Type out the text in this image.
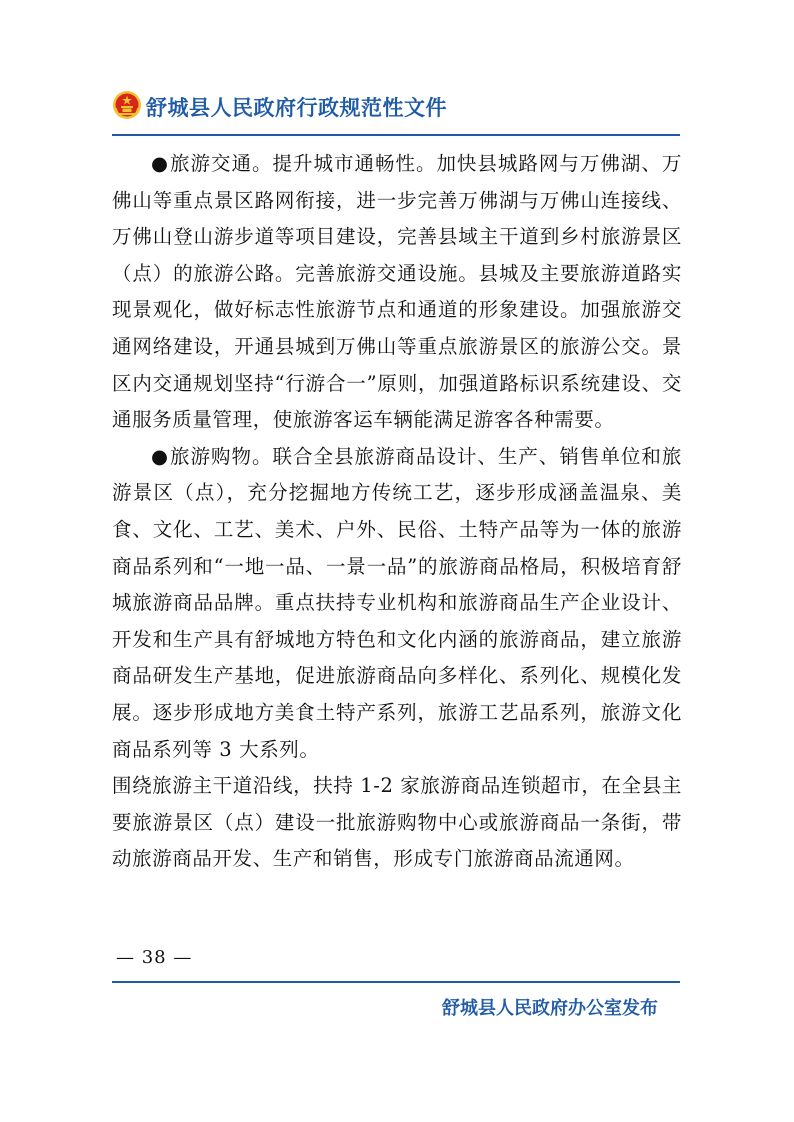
舒城县人民政府行政规范性文件

●旅游交通。提升城市通畅性。加快县城路网与万佛湖、万佛山等重点景区路网衔接，进一步完善万佛湖与万佛山连接线、万佛山登山游步道等项目建设，完善县域主干道到乡村旅游景区（点）的旅游公路。完善旅游交通设施。县城及主要旅游道路实现景观化，做好标志性旅游节点和通道的形象建设。加强旅游交通网络建设，开通县城到万佛山等重点旅游景区的旅游公交。景区内交通规划坚持“行游合一”原则，加强道路标识系统建设、交通服务质量管理，使旅游客运车辆能满足游客各种需要。

●旅游购物。联合全县旅游商品设计、生产、销售单位和旅游景区（点），充分挖掘地方传统工艺，逐步形成涵盖温泉、美食、文化、工艺、美术、户外、民俗、土特产品等为一体的旅游商品系列和“一地一品、一景一品”的旅游商品格局，积极培育舒城旅游商品品牌。重点扶持专业机构和旅游商品生产企业设计、开发和生产具有舒城地方特色和文化内涵的旅游商品，建立旅游商品研发生产基地，促进旅游商品向多样化、系列化、规模化发展。逐步形成地方美食土特产系列，旅游工艺品系列，旅游文化商品系列等 3 大系列。

围绕旅游主干道沿线，扶持 1-2 家旅游商品连锁超市，在全县主要旅游景区（点）建设一批旅游购物中心或旅游商品一条街，带动旅游商品开发、生产和销售，形成专门旅游商品流通网。

— 38 —
舒城县人民政府办公室发布
